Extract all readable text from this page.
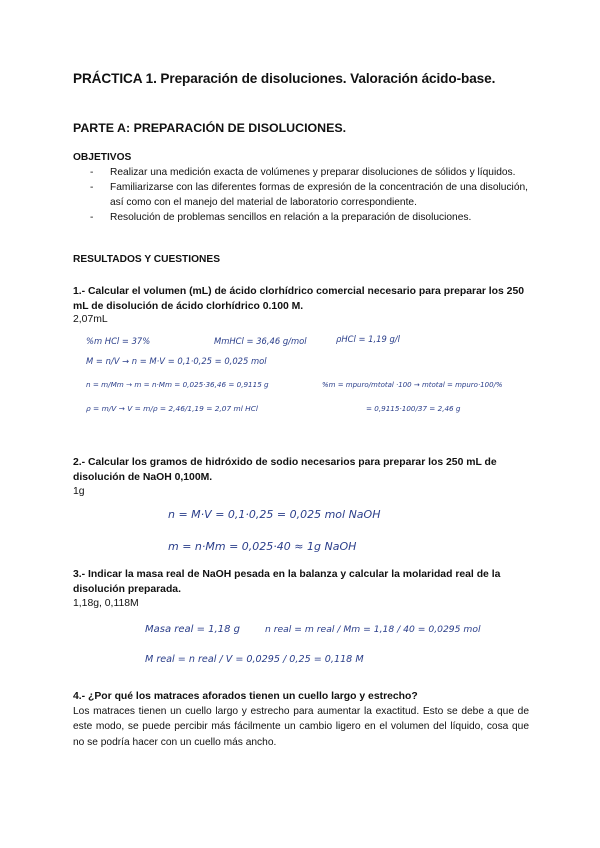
PRÁCTICA 1. Preparación de disoluciones. Valoración ácido-base.
PARTE A: PREPARACIÓN DE DISOLUCIONES.
OBJETIVOS
- Realizar una medición exacta de volúmenes y preparar disoluciones de sólidos y líquidos.
- Familiarizarse con las diferentes formas de expresión de la concentración de una disolución, así como con el manejo del material de laboratorio correspondiente.
- Resolución de problemas sencillos en relación a la preparación de disoluciones.
RESULTADOS Y CUESTIONES
1.- Calcular el volumen (mL) de ácido clorhídrico comercial necesario para preparar los 250 mL de disolución de ácido clorhídrico 0.100 M.
2,07mL
%m HCl = 37%	MmHCl = 36,46 g/mol	ρHCl = 1,19 g/l
M = n/V → n = M·V = 0,1·0,25 = 0,025 mol
n = m/Mm → m = n·Mm = 0,025·36,46 = 0,9115 g	%m = mpuro/mtotal ·100 → mtotal = mpuro·100/%
ρ = m/V → V = m/ρ = 2,46/1,19 = 2,07 ml HCl	= 0,9115·100/37 = 2,46 g
2.- Calcular los gramos de hidróxido de sodio necesarios para preparar los 250 mL de disolución de NaOH 0,100M.
1g
n = M·V = 0,1·0,25 = 0,025 mol NaOH
m = n·Mm = 0,025·40 ≈ 1g NaOH
3.- Indicar la masa real de NaOH pesada en la balanza y calcular la molaridad real de la disolución preparada.
1,18g, 0,118M
Masa real = 1,18 g	n real = m real / Mm = 1,18 / 40 = 0,0295 mol
M real = n real / V = 0,0295 / 0,25 = 0,118 M
4.- ¿Por qué los matraces aforados tienen un cuello largo y estrecho?
Los matraces tienen un cuello largo y estrecho para aumentar la exactitud. Esto se debe a que de este modo, se puede percibir más fácilmente un cambio ligero en el volumen del líquido, cosa que no se podría hacer con un cuello más ancho.
